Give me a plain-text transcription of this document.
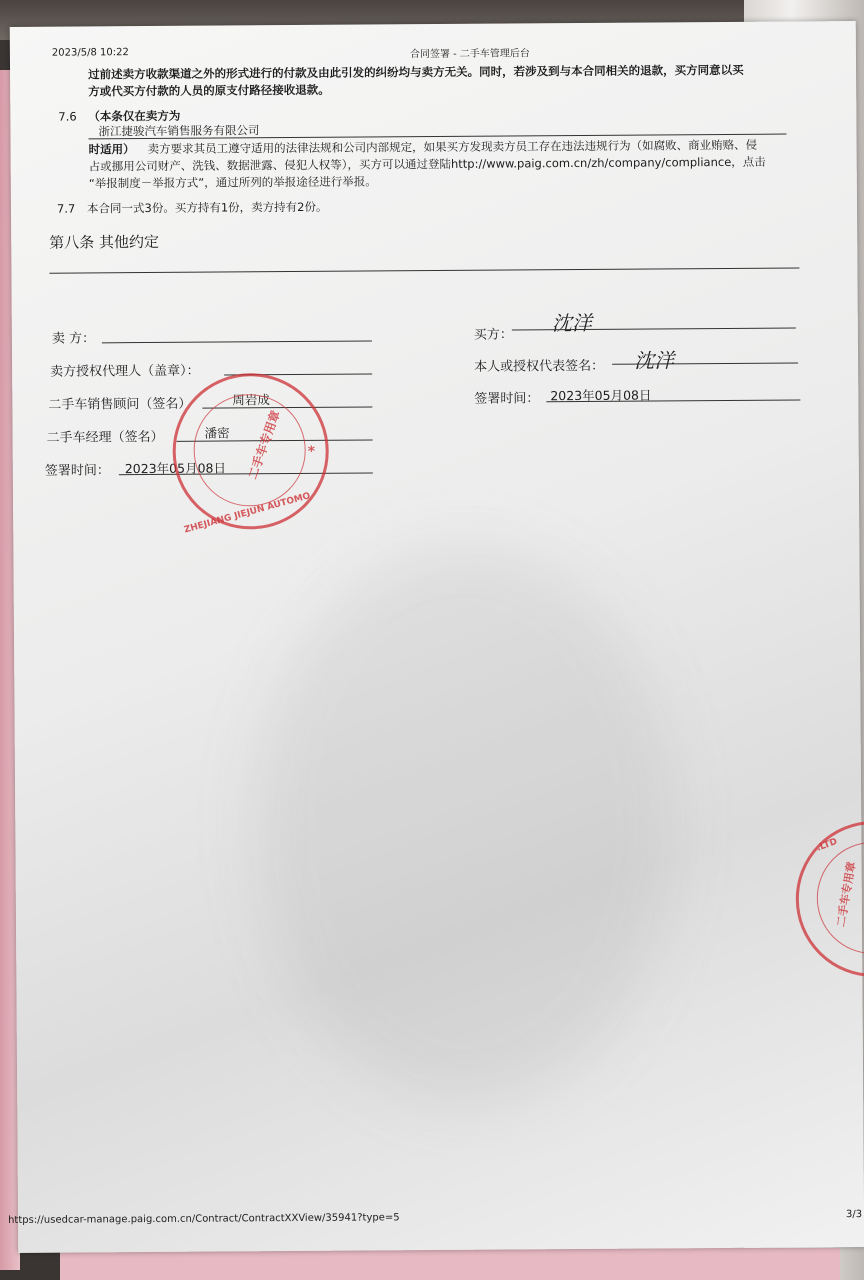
2023/5/8 10:22	合同签署 - 二手车管理后台
过前述卖方收款渠道之外的形式进行的付款及由此引发的纠纷均与卖方无关。同时，若涉及到与本合同相关的退款，买方同意以买
方或代买方付款的人员的原支付路径接收退款。
7.6 （本条仅在卖方为
浙江捷骏汽车销售服务有限公司
时适用） 卖方要求其员工遵守适用的法律法规和公司内部规定，如果买方发现卖方员工存在违法违规行为（如腐败、商业贿赂、侵
占或挪用公司财产、洗钱、数据泄露、侵犯人权等），买方可以通过登陆http://www.paig.com.cn/zh/company/compliance，点击
“举报制度－举报方式”，通过所列的举报途径进行举报。
7.7 本合同一式3份。买方持有1份，卖方持有2份。
第八条 其他约定
卖 方：
卖方授权代理人（盖章）：
二手车销售顾问（签名）	周岩成
二手车经理（签名）	潘密
签署时间： 2023年05月08日
买方： 沈洋
本人或授权代表签名： 沈洋
签署时间： 2023年05月08日
二手车专用章
ZHEJIANG JIEJUN AUTOMO
*
.LTD
二手车专用章
https://usedcar-manage.paig.com.cn/Contract/ContractXXView/35941?type=5	3/3
